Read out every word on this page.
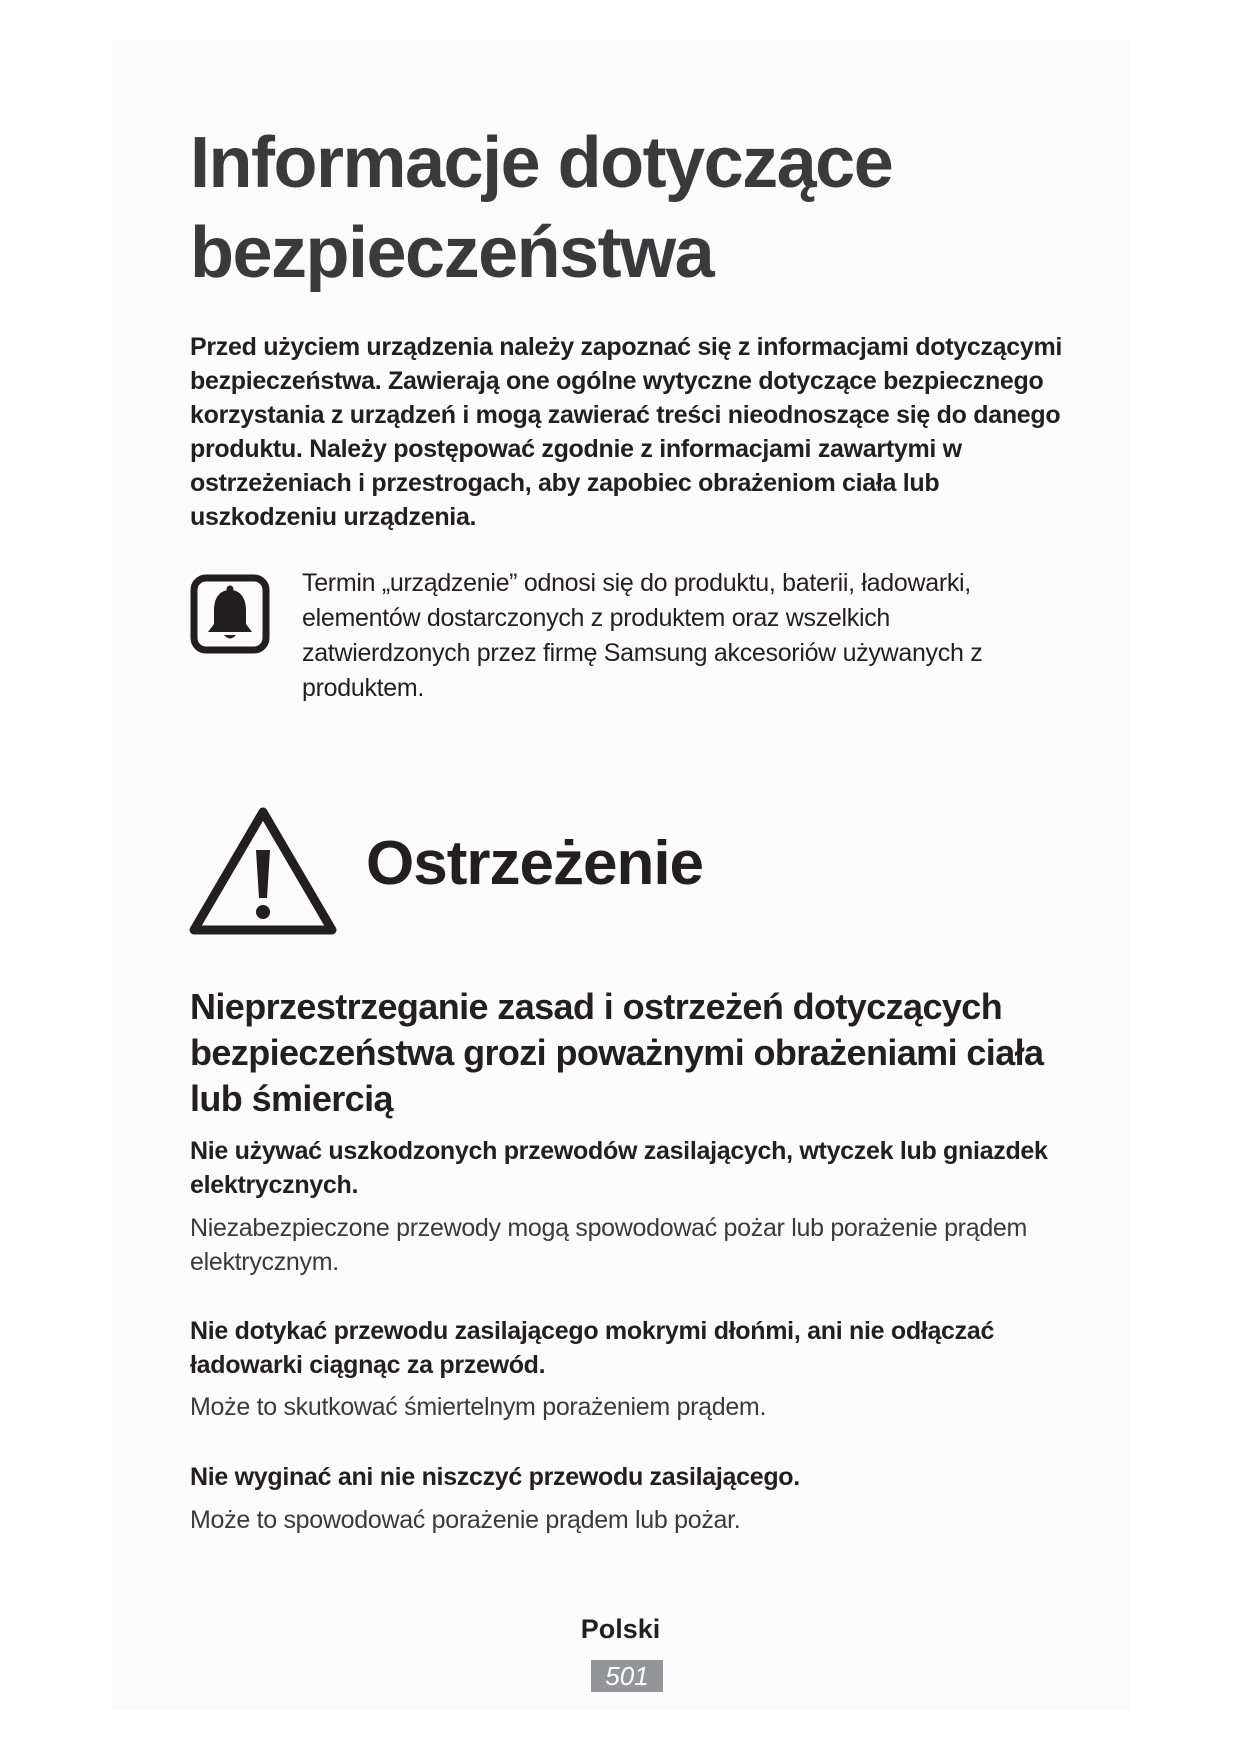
Informacje dotyczące bezpieczeństwa

Przed użyciem urządzenia należy zapoznać się z informacjami dotyczącymi bezpieczeństwa. Zawierają one ogólne wytyczne dotyczące bezpiecznego korzystania z urządzeń i mogą zawierać treści nieodnoszące się do danego produktu. Należy postępować zgodnie z informacjami zawartymi w ostrzeżeniach i przestrogach, aby zapobiec obrażeniom ciała lub uszkodzeniu urządzenia.

Termin „urządzenie” odnosi się do produktu, baterii, ładowarki, elementów dostarczonych z produktem oraz wszelkich zatwierdzonych przez firmę Samsung akcesoriów używanych z produktem.

Ostrzeżenie
Nieprzestrzeganie zasad i ostrzeżeń dotyczących bezpieczeństwa grozi poważnymi obrażeniami ciała lub śmiercią

Nie używać uszkodzonych przewodów zasilających, wtyczek lub gniazdek elektrycznych.

Niezabezpieczone przewody mogą spowodować pożar lub porażenie prądem elektrycznym.

Nie dotykać przewodu zasilającego mokrymi dłońmi, ani nie odłączać ładowarki ciągnąc za przewód.

Może to skutkować śmiertelnym porażeniem prądem.

Nie wyginać ani nie niszczyć przewodu zasilającego.

Może to spowodować porażenie prądem lub pożar.

Polski

501
